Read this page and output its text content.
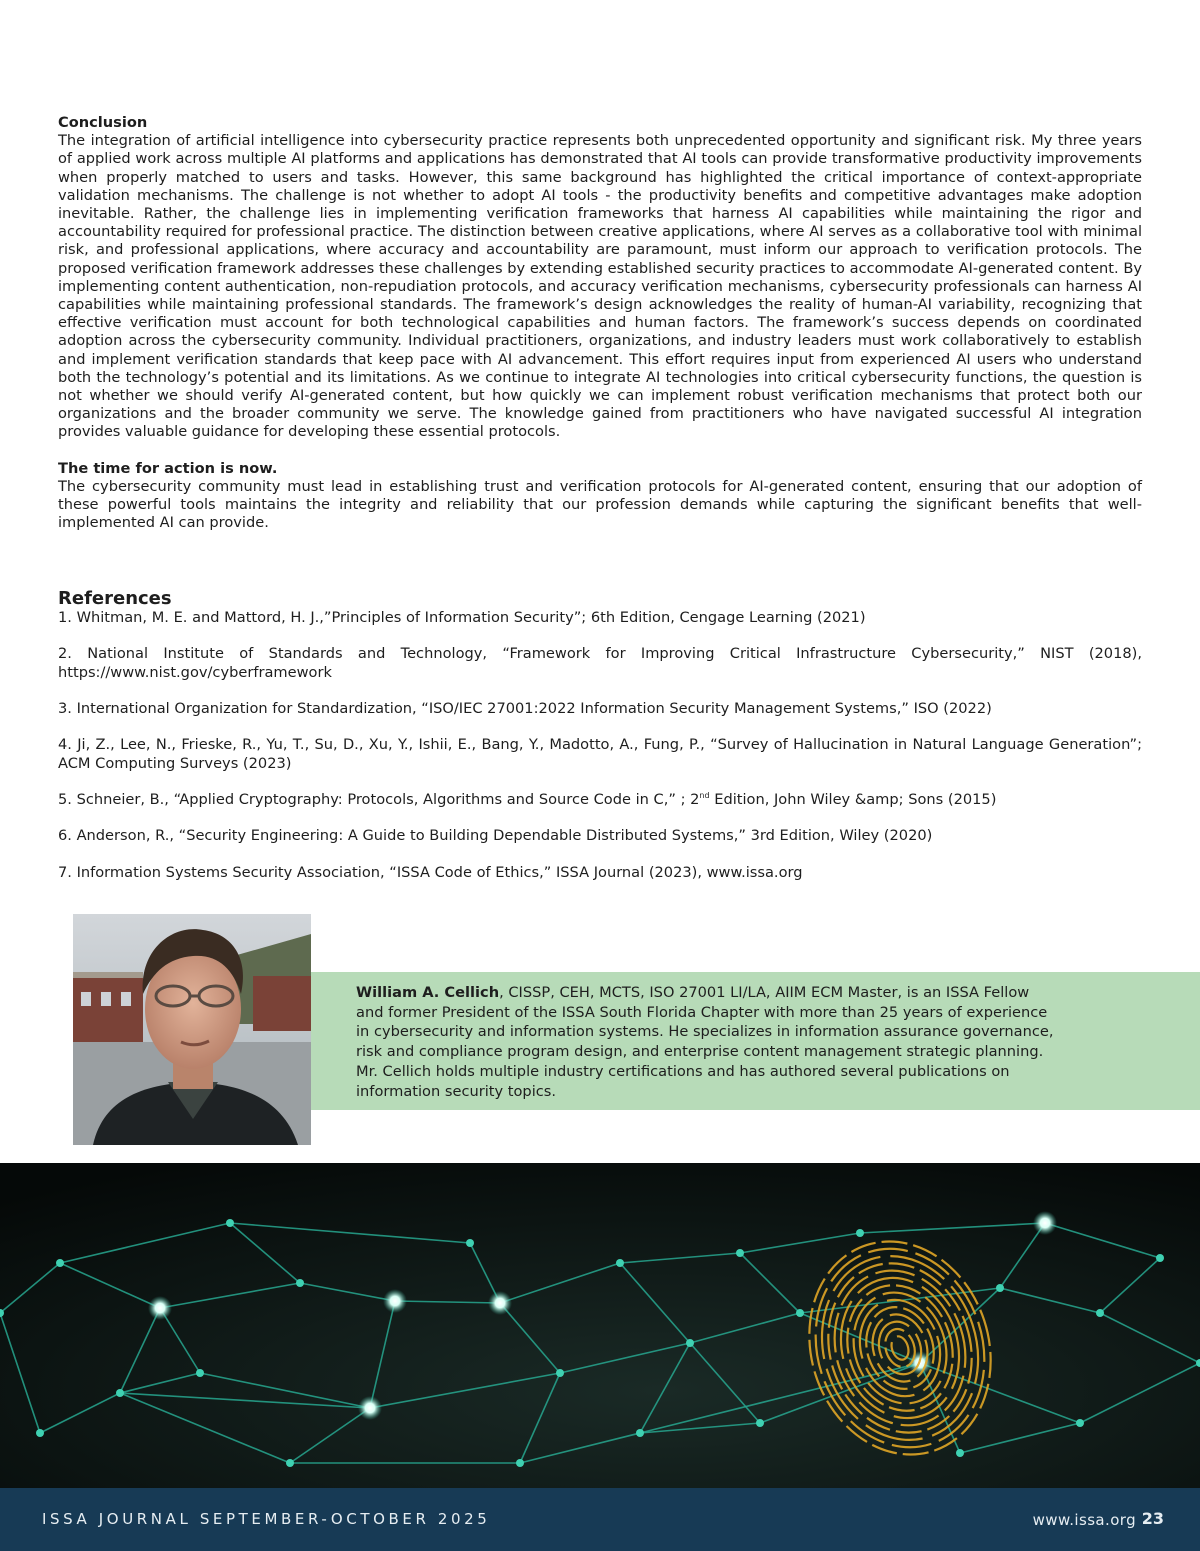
Conclusion

The integration of artificial intelligence into cybersecurity practice represents both unprecedented opportunity and significant risk. My three years of applied work across multiple AI platforms and applications has demonstrated that AI tools can provide transformative productivity improvements when properly matched to users and tasks. However, this same background has highlighted the critical importance of context-appropriate validation mechanisms. The challenge is not whether to adopt AI tools - the productivity benefits and competitive advantages make adoption inevitable. Rather, the challenge lies in implementing verification frameworks that harness AI capabilities while maintaining the rigor and accountability required for professional practice. The distinction between creative applications, where AI serves as a collaborative tool with minimal risk, and professional applications, where accuracy and accountability are paramount, must inform our approach to verification protocols. The proposed verification framework addresses these challenges by extending established security practices to accommodate AI-generated content. By implementing content authentication, non-repudiation protocols, and accuracy verification mechanisms, cybersecurity professionals can harness AI capabilities while maintaining professional standards. The framework’s design acknowledges the reality of human-AI variability, recognizing that effective verification must account for both technological capabilities and human factors. The framework’s success depends on coordinated adoption across the cybersecurity community. Individual practitioners, organizations, and industry leaders must work collaboratively to establish and implement verification standards that keep pace with AI advancement. This effort requires input from experienced AI users who understand both the technology’s potential and its limitations. As we continue to integrate AI technologies into critical cybersecurity functions, the question is not whether we should verify AI-generated content, but how quickly we can implement robust verification mechanisms that protect both our organizations and the broader community we serve. The knowledge gained from practitioners who have navigated successful AI integration provides valuable guidance for developing these essential protocols.

The time for action is now.

The cybersecurity community must lead in establishing trust and verification protocols for AI-generated content, ensuring that our adoption of these powerful tools maintains the integrity and reliability that our profession demands while capturing the significant benefits that well-implemented AI can provide.

References

1. Whitman, M. E. and Mattord, H. J.,”Principles of Information Security”; 6th Edition, Cengage Learning (2021)

2. National Institute of Standards and Technology, “Framework for Improving Critical Infrastructure Cybersecurity,” NIST (2018), https://www.nist.gov/cyberframework

3. International Organization for Standardization, “ISO/IEC 27001:2022 Information Security Management Systems,” ISO (2022)

4. Ji, Z., Lee, N., Frieske, R., Yu, T., Su, D., Xu, Y., Ishii, E., Bang, Y., Madotto, A., Fung, P., “Survey of Hallucination in Natural Language Generation”; ACM Computing Surveys (2023)

5. Schneier, B., “Applied Cryptography: Protocols, Algorithms and Source Code in C,” ; 2nd Edition, John Wiley &amp; Sons (2015)

6. Anderson, R., “Security Engineering: A Guide to Building Dependable Distributed Systems,” 3rd Edition, Wiley (2020)

7. Information Systems Security Association, “ISSA Code of Ethics,” ISSA Journal (2023), www.issa.org

William A. Cellich, CISSP, CEH, MCTS, ISO 27001 LI/LA, AIIM ECM Master, is an ISSA Fellow and former President of the ISSA South Florida Chapter with more than 25 years of experience in cybersecurity and information systems. He specializes in information assurance governance, risk and compliance program design, and enterprise content management strategic planning. Mr. Cellich holds multiple industry certifications and has authored several publications on information security topics.
ISSA JOURNAL SEPTEMBER-OCTOBER 2025	www.issa.org 23
